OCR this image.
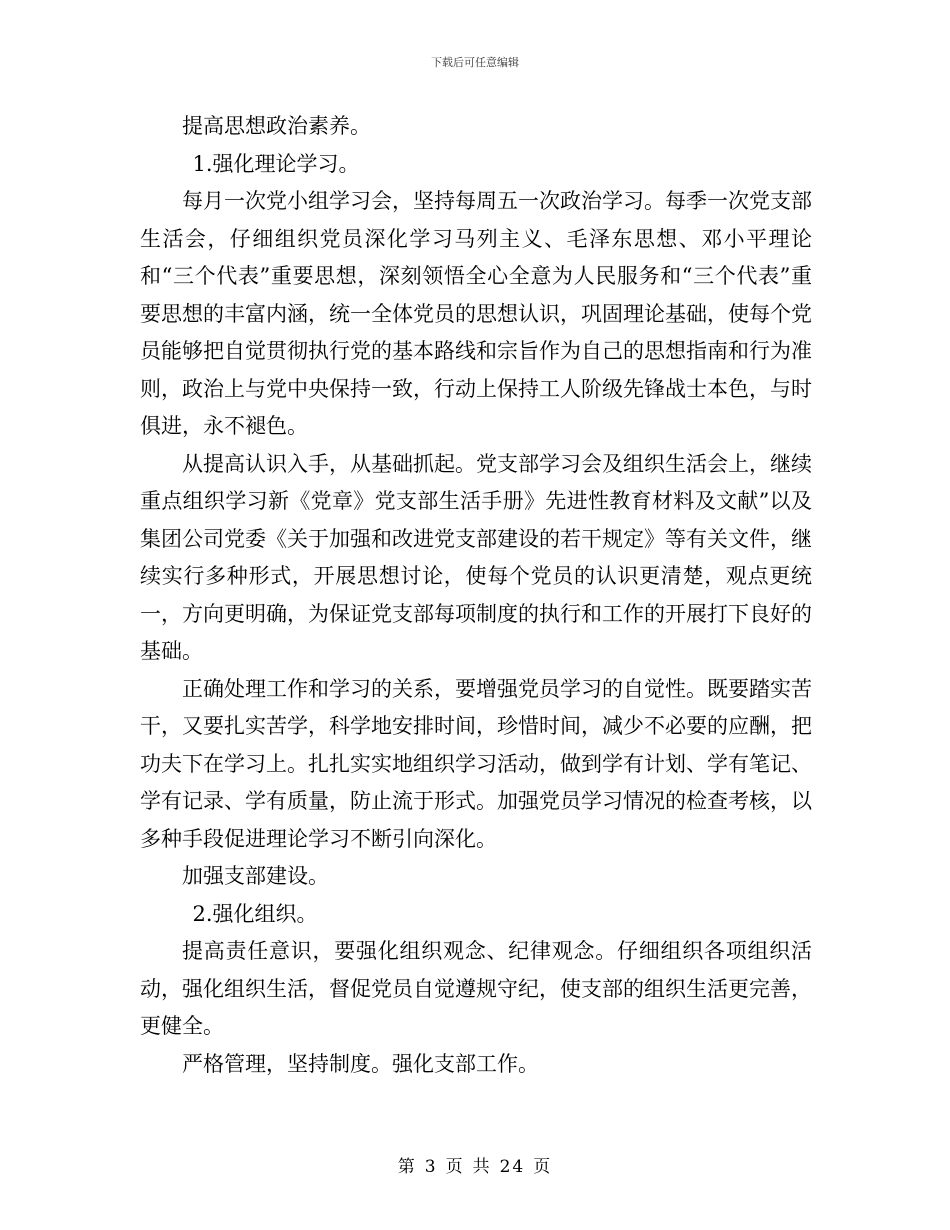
下载后可任意编辑

提高思想政治素养。

1.强化理论学习。

每月一次党小组学习会，坚持每周五一次政治学习。每季一次党支部生活会，仔细组织党员深化学习马列主义、毛泽东思想、邓小平理论和“三个代表”重要思想，深刻领悟全心全意为人民服务和“三个代表”重要思想的丰富内涵，统一全体党员的思想认识，巩固理论基础，使每个党员能够把自觉贯彻执行党的基本路线和宗旨作为自己的思想指南和行为准则，政治上与党中央保持一致，行动上保持工人阶级先锋战士本色，与时俱进，永不褪色。

从提高认识入手，从基础抓起。党支部学习会及组织生活会上，继续重点组织学习新《党章》党支部生活手册》先进性教育材料及文献”以及集团公司党委《关于加强和改进党支部建设的若干规定》等有关文件，继续实行多种形式，开展思想讨论，使每个党员的认识更清楚，观点更统一，方向更明确，为保证党支部每项制度的执行和工作的开展打下良好的基础。

正确处理工作和学习的关系，要增强党员学习的自觉性。既要踏实苦干，又要扎实苦学，科学地安排时间，珍惜时间，减少不必要的应酬，把功夫下在学习上。扎扎实实地组织学习活动，做到学有计划、学有笔记、学有记录、学有质量，防止流于形式。加强党员学习情况的检查考核，以多种手段促进理论学习不断引向深化。

加强支部建设。

2.强化组织。

提高责任意识，要强化组织观念、纪律观念。仔细组织各项组织活动，强化组织生活，督促党员自觉遵规守纪，使支部的组织生活更完善，更健全。

严格管理，坚持制度。强化支部工作。

第 3 页 共 24 页
